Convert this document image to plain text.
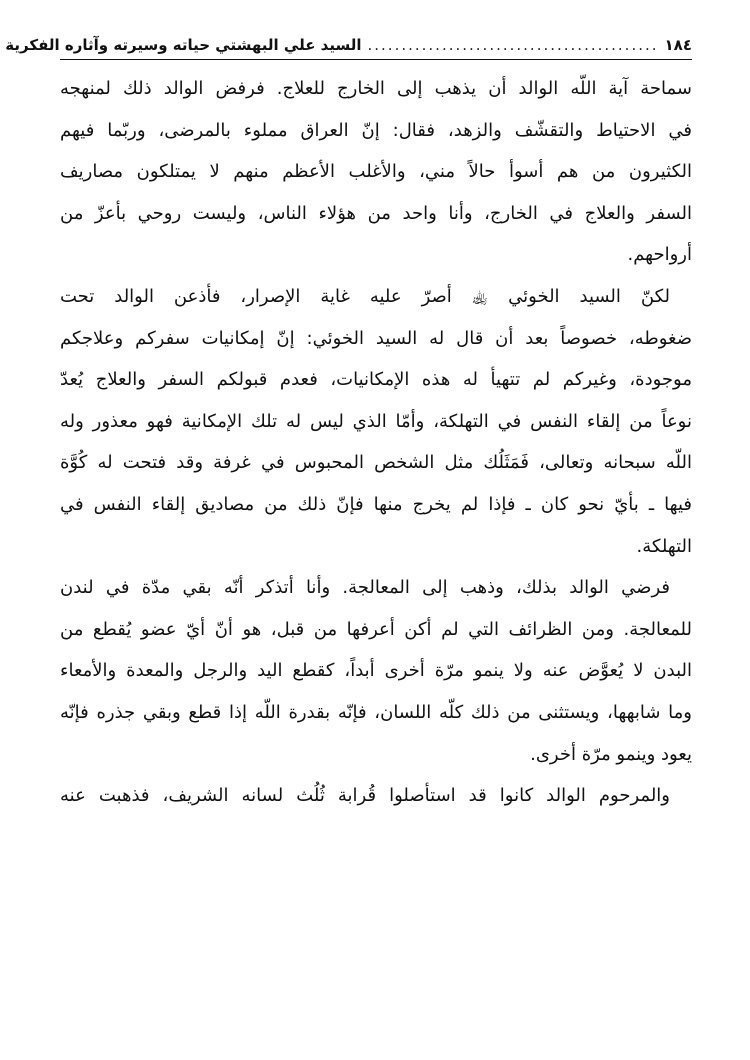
١٨٤
...........................................
السيد علي البهشتي حياته وسيرته وآثاره الفكرية
سماحة آية اللّه الوالد أن يذهب إلى الخارج للعلاج. فرفض الوالد ذلك لمنهجه
في الاحتياط والتقشّف والزهد، فقال: إنّ العراق مملوء بالمرضى، وربّما فيهم
الكثيرون من هم أسوأ حالاً مني، والأغلب الأعظم منهم لا يمتلكون مصاريف
السفر والعلاج في الخارج، وأنا واحد من هؤلاء الناس، وليست روحي بأعزّ من
أرواحهم.
لكنّ السيد الخوئي ﵀ أصرّ عليه غاية الإصرار، فأذعن الوالد تحت
ضغوطه، خصوصاً بعد أن قال له السيد الخوئي: إنّ إمكانيات سفركم وعلاجكم
موجودة، وغيركم لم تتهيأ له هذه الإمكانيات، فعدم قبولكم السفر والعلاج يُعدّ
نوعاً من إلقاء النفس في التهلكة، وأمّا الذي ليس له تلك الإمكانية فهو معذور وله
اللّه سبحانه وتعالى، فَمَثَلُك مثل الشخص المحبوس في غرفة وقد فتحت له كُوَّة
فيها ـ بأيّ نحو كان ـ فإذا لم يخرج منها فإنّ ذلك من مصاديق إلقاء النفس في
التهلكة.
فرضي الوالد بذلك، وذهب إلى المعالجة. وأنا أتذكر أنّه بقي مدّة في لندن
للمعالجة. ومن الظرائف التي لم أكن أعرفها من قبل، هو أنّ أيّ عضو يُقطع من
البدن لا يُعوَّض عنه ولا ينمو مرّة أخرى أبداً، كقطع اليد والرجل والمعدة والأمعاء
وما شابهها، ويستثنى من ذلك كلّه اللسان، فإنّه بقدرة اللّه إذا قطع وبقي جذره فإنّه
يعود وينمو مرّة أخرى.
والمرحوم الوالد كانوا قد استأصلوا قُرابة ثُلُث لسانه الشريف، فذهبت عنه
